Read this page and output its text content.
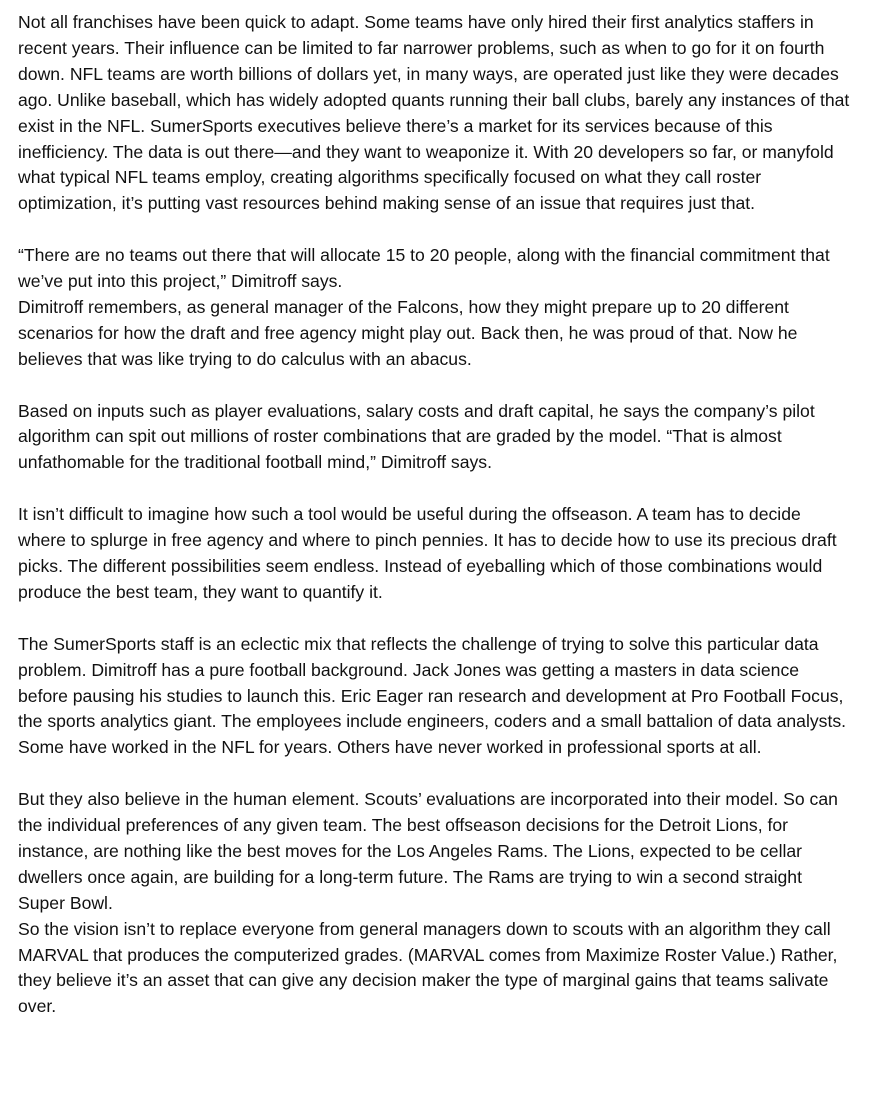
Not all franchises have been quick to adapt. Some teams have only hired their first analytics staffers in recent years. Their influence can be limited to far narrower problems, such as when to go for it on fourth down. NFL teams are worth billions of dollars yet, in many ways, are operated just like they were decades ago. Unlike baseball, which has widely adopted quants running their ball clubs, barely any instances of that exist in the NFL. SumerSports executives believe there’s a market for its services because of this inefficiency. The data is out there—and they want to weaponize it. With 20 developers so far, or manyfold what typical NFL teams employ, creating algorithms specifically focused on what they call roster optimization, it’s putting vast resources behind making sense of an issue that requires just that.

“There are no teams out there that will allocate 15 to 20 people, along with the financial commitment that we’ve put into this project,” Dimitroff says.

Dimitroff remembers, as general manager of the Falcons, how they might prepare up to 20 different scenarios for how the draft and free agency might play out. Back then, he was proud of that. Now he believes that was like trying to do calculus with an abacus.

Based on inputs such as player evaluations, salary costs and draft capital, he says the company’s pilot algorithm can spit out millions of roster combinations that are graded by the model. “That is almost unfathomable for the traditional football mind,” Dimitroff says.

It isn’t difficult to imagine how such a tool would be useful during the offseason. A team has to decide where to splurge in free agency and where to pinch pennies. It has to decide how to use its precious draft picks. The different possibilities seem endless. Instead of eyeballing which of those combinations would produce the best team, they want to quantify it.

The SumerSports staff is an eclectic mix that reflects the challenge of trying to solve this particular data problem. Dimitroff has a pure football background. Jack Jones was getting a masters in data science before pausing his studies to launch this. Eric Eager ran research and development at Pro Football Focus, the sports analytics giant. The employees include engineers, coders and a small battalion of data analysts. Some have worked in the NFL for years. Others have never worked in professional sports at all.

But they also believe in the human element. Scouts’ evaluations are incorporated into their model. So can the individual preferences of any given team. The best offseason decisions for the Detroit Lions, for instance, are nothing like the best moves for the Los Angeles Rams. The Lions, expected to be cellar dwellers once again, are building for a long-term future. The Rams are trying to win a second straight Super Bowl.

So the vision isn’t to replace everyone from general managers down to scouts with an algorithm they call MARVAL that produces the computerized grades. (MARVAL comes from Maximize Roster Value.) Rather, they believe it’s an asset that can give any decision maker the type of marginal gains that teams salivate over.
